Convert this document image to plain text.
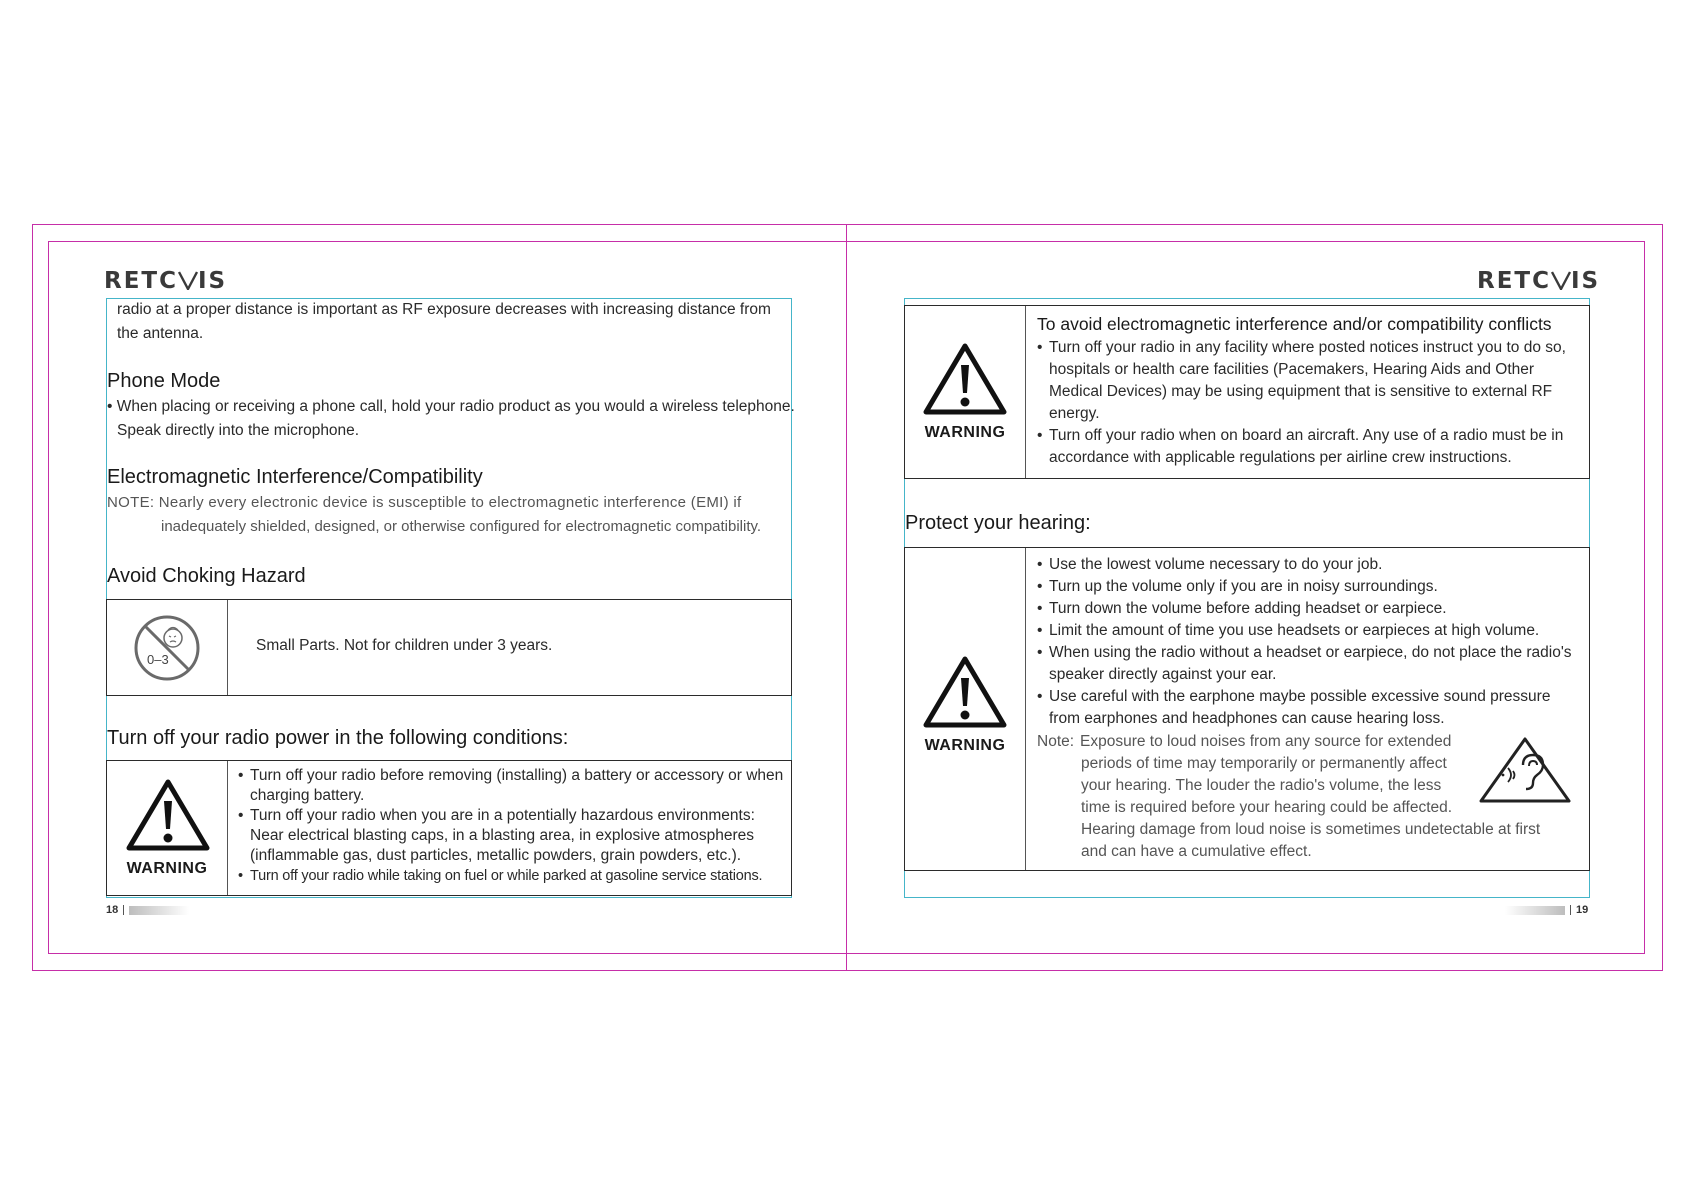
RETC IS	RETC IS
radio at a proper distance is important as RF exposure decreases with increasing distance from
the antenna.
Phone Mode
• When placing or receiving a phone call, hold your radio product as you would a wireless telephone.
Speak directly into the microphone.
Electromagnetic Interference/Compatibility
NOTE: Nearly every electronic device is susceptible to electromagnetic interference (EMI) if
inadequately shielded, designed, or otherwise configured for electromagnetic compatibility.
Avoid Choking Hazard
0–3
Small Parts. Not for children under 3 years.
Turn off your radio power in the following conditions:
WARNING
• Turn off your radio before removing (installing) a battery or accessory or when charging battery.
• Turn off your radio when you are in a potentially hazardous environments: Near electrical blasting caps, in a blasting area, in explosive atmospheres (inflammable gas, dust particles, metallic powders, grain powders, etc.).
• Turn off your radio while taking on fuel or while parked at gasoline service stations.
18
WARNING
To avoid electromagnetic interference and/or compatibility conflicts
• Turn off your radio in any facility where posted notices instruct you to do so, hospitals or health care facilities (Pacemakers, Hearing Aids and Other Medical Devices) may be using equipment that is sensitive to external RF energy.
• Turn off your radio when on board an aircraft. Any use of a radio must be in accordance with applicable regulations per airline crew instructions.
Protect your hearing:
WARNING
• Use the lowest volume necessary to do your job.
• Turn up the volume only if you are in noisy surroundings.
• Turn down the volume before adding headset or earpiece.
• Limit the amount of time you use headsets or earpieces at high volume.
• When using the radio without a headset or earpiece, do not place the radio's speaker directly against your ear.
• Use careful with the earphone maybe possible excessive sound pressure from earphones and headphones can cause hearing loss.
Note: Exposure to loud noises from any source for extended
periods of time may temporarily or permanently affect
your hearing. The louder the radio's volume, the less
time is required before your hearing could be affected.
Hearing damage from loud noise is sometimes undetectable at first
and can have a cumulative effect.
19
